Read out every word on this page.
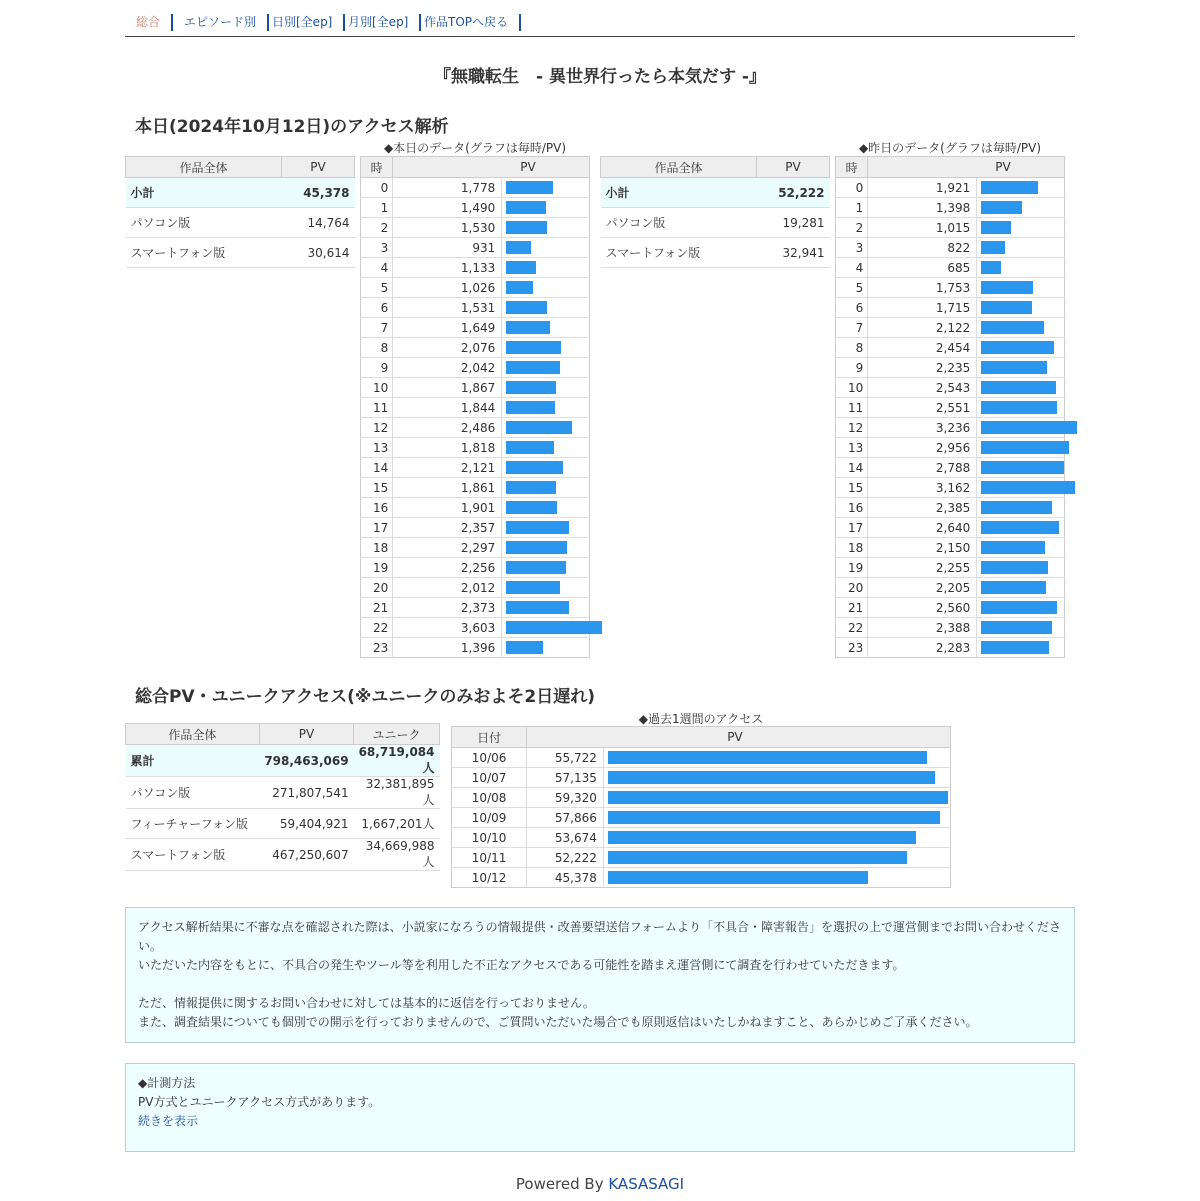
総合	エピソード別	日別[全ep]	月別[全ep]	作品TOPへ戻る
『無職転生　- 異世界行ったら本気だす -』
本日(2024年10月12日)のアクセス解析
◆本日のデータ(グラフは毎時/PV)	◆昨日のデータ(グラフは毎時/PV)
作品全体	PV
小計	45,378
パソコン版	14,764
スマートフォン版	30,614
時	PV	
0	1,778	

1	1,490	

2	1,530	

3	931	

4	1,133	

5	1,026	

6	1,531	

7	1,649	

8	2,076	

9	2,042	

10	1,867	

11	1,844	

12	2,486	

13	1,818	

14	2,121	

15	1,861	

16	1,901	

17	2,357	

18	2,297	

19	2,256	

20	2,012	

21	2,373	

22	3,603	

23	1,396	
作品全体	PV
小計	52,222
パソコン版	19,281
スマートフォン版	32,941
時	PV	
0	1,921	

1	1,398	

2	1,015	

3	822	

4	685	

5	1,753	

6	1,715	

7	2,122	

8	2,454	

9	2,235	

10	2,543	

11	2,551	

12	3,236	

13	2,956	

14	2,788	

15	3,162	

16	2,385	

17	2,640	

18	2,150	

19	2,255	

20	2,205	

21	2,560	

22	2,388	

23	2,283	
総合PV・ユニークアクセス(※ユニークのみおよそ2日遅れ)
作品全体	PV	ユニーク
累計	798,463,069	68,719,084人
パソコン版	271,807,541	32,381,895人
フィーチャーフォン版	59,404,921	1,667,201人
スマートフォン版	467,250,607	34,669,988人
◆過去1週間のアクセス
日付	PV	
10/06	55,722	

10/07	57,135	

10/08	59,320	

10/09	57,866	

10/10	53,674	

10/11	52,222	

10/12	45,378	

アクセス解析結果に不審な点を確認された際は、小説家になろうの情報提供・改善要望送信フォームより「不具合・障害報告」を選択の上で運営側までお問い合わせください。

いただいた内容をもとに、不具合の発生やツール等を利用した不正なアクセスである可能性を踏まえ運営側にて調査を行わせていただきます。

ただ、情報提供に関するお問い合わせに対しては基本的に返信を行っておりません。

また、調査結果についても個別での開示を行っておりませんので、ご質問いただいた場合でも原則返信はいたしかねますこと、あらかじめご了承ください。

◆計測方法

PV方式とユニークアクセス方式があります。

続きを表示

Powered By KASASAGI
